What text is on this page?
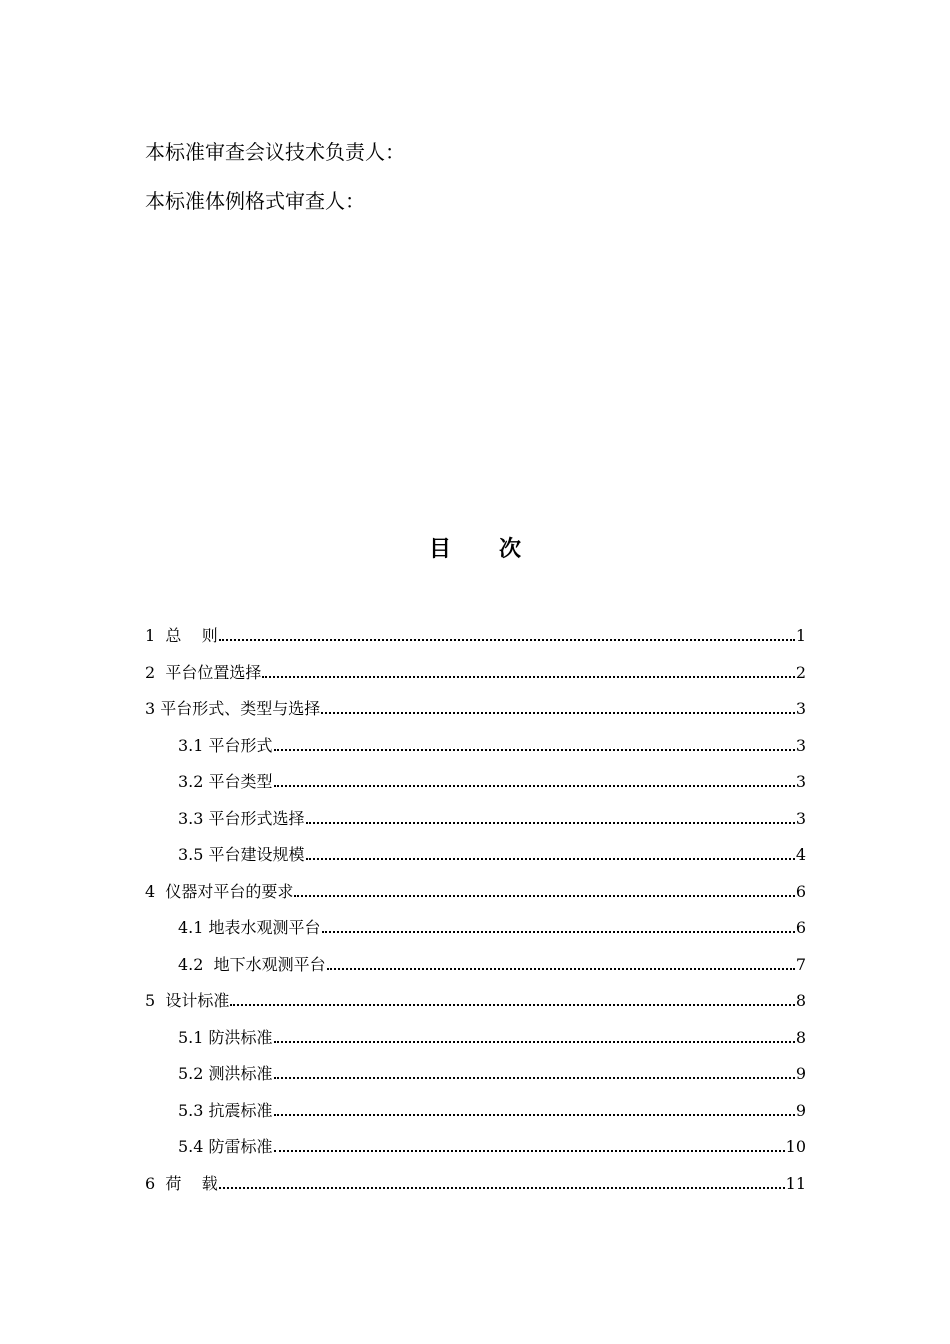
本标准审查会议技术负责人：
本标准体例格式审查人：
目 次
1  总    则	1
2  平台位置选择	2
3 平台形式、类型与选择	3
3.1 平台形式	3
3.2 平台类型	3
3.3 平台形式选择	3
3.5 平台建设规模	4
4  仪器对平台的要求	6
4.1 地表水观测平台	6
4.2  地下水观测平台	7
5  设计标准	8
5.1 防洪标准	8
5.2 测洪标准	9
5.3 抗震标准	9
5.4 防雷标准	10
6  荷    载	11
